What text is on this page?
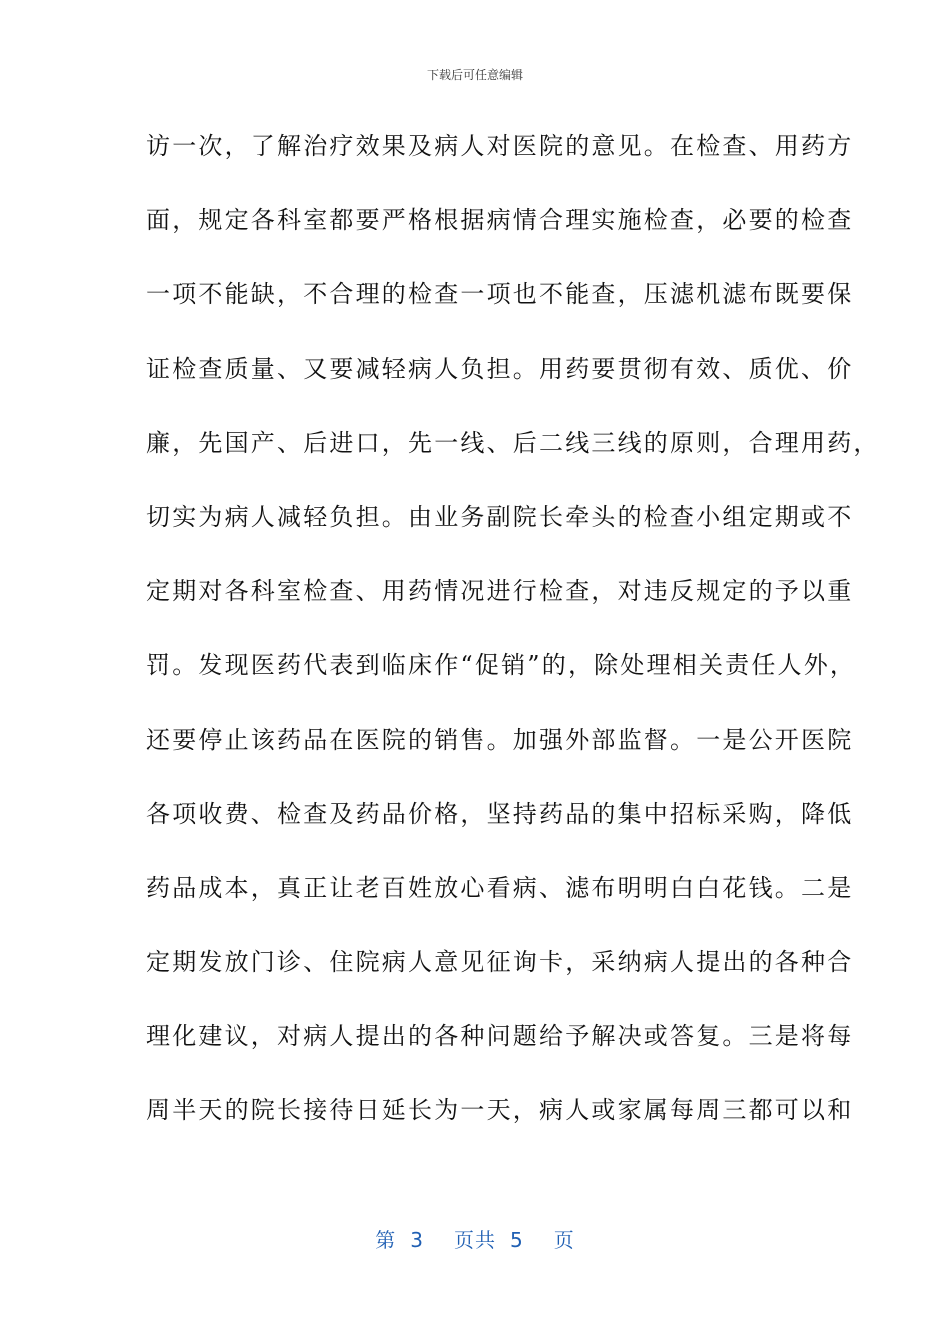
下载后可任意编辑
访一次，了解治疗效果及病人对医院的意见。在检查、用药方
面，规定各科室都要严格根据病情合理实施检查，必要的检查
一项不能缺，不合理的检查一项也不能查，压滤机滤布既要保
证检查质量、又要减轻病人负担。用药要贯彻有效、质优、价
廉，先国产、后进口，先一线、后二线三线的原则，合理用药，
切实为病人减轻负担。由业务副院长牵头的检查小组定期或不
定期对各科室检查、用药情况进行检查，对违反规定的予以重
罚。发现医药代表到临床作“促销”的，除处理相关责任人外，
还要停止该药品在医院的销售。加强外部监督。一是公开医院
各项收费、检查及药品价格，坚持药品的集中招标采购，降低
药品成本，真正让老百姓放心看病、滤布明明白白花钱。二是
定期发放门诊、住院病人意见征询卡，采纳病人提出的各种合
理化建议，对病人提出的各种问题给予解决或答复。三是将每
周半天的院长接待日延长为一天，病人或家属每周三都可以和
第 3 页共 5 页
